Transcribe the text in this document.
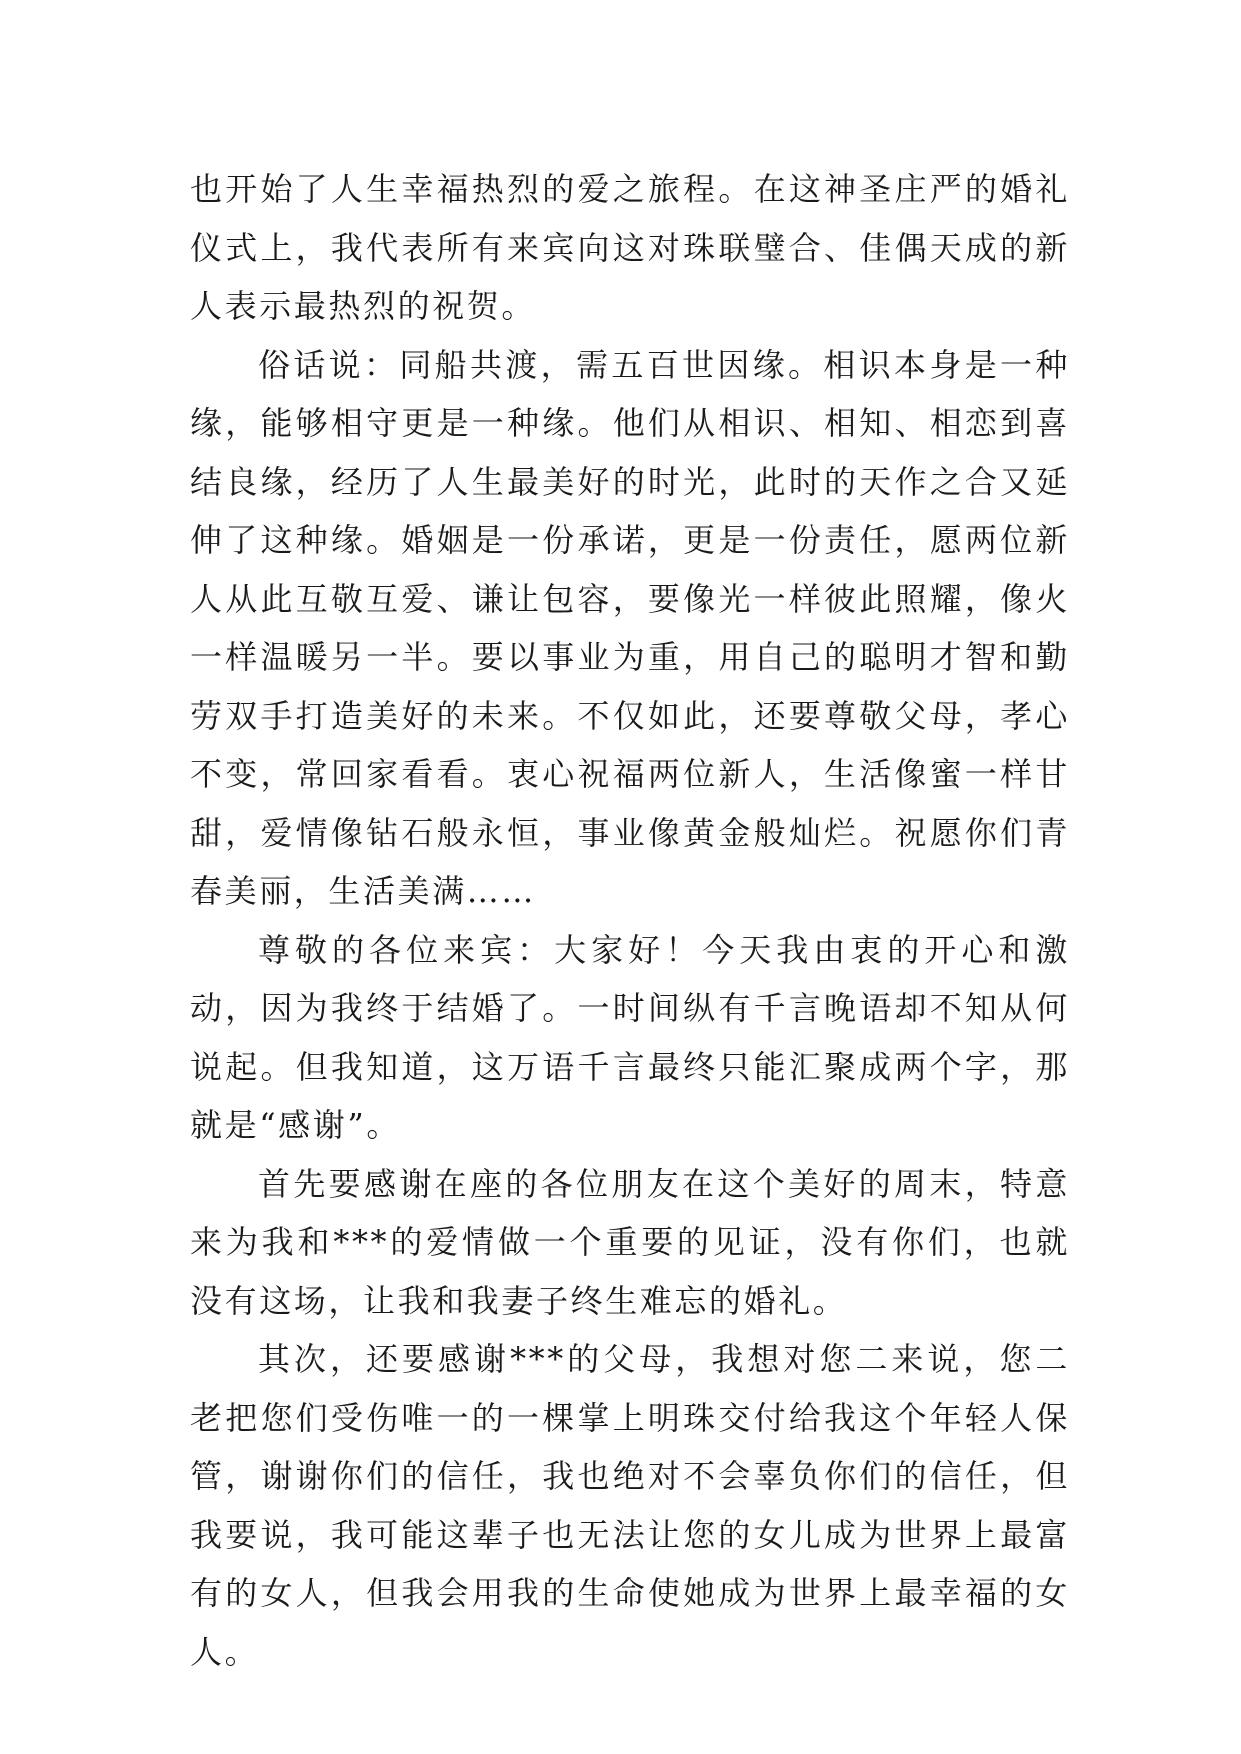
也开始了人生幸福热烈的爱之旅程。在这神圣庄严的婚礼仪式上，我代表所有来宾向这对珠联璧合、佳偶天成的新人表示最热烈的祝贺。

俗话说：同船共渡，需五百世因缘。相识本身是一种缘，能够相守更是一种缘。他们从相识、相知、相恋到喜结良缘，经历了人生最美好的时光，此时的天作之合又延伸了这种缘。婚姻是一份承诺，更是一份责任，愿两位新人从此互敬互爱、谦让包容，要像光一样彼此照耀，像火一样温暖另一半。要以事业为重，用自己的聪明才智和勤劳双手打造美好的未来。不仅如此，还要尊敬父母，孝心不变，常回家看看。衷心祝福两位新人，生活像蜜一样甘甜，爱情像钻石般永恒，事业像黄金般灿烂。祝愿你们青春美丽，生活美满……

尊敬的各位来宾：大家好！今天我由衷的开心和激动，因为我终于结婚了。一时间纵有千言晚语却不知从何说起。但我知道，这万语千言最终只能汇聚成两个字，那就是“感谢”。

首先要感谢在座的各位朋友在这个美好的周末，特意来为我和***的爱情做一个重要的见证，没有你们，也就没有这场，让我和我妻子终生难忘的婚礼。

其次，还要感谢***的父母，我想对您二来说，您二老把您们受伤唯一的一棵掌上明珠交付给我这个年轻人保管，谢谢你们的信任，我也绝对不会辜负你们的信任，但我要说，我可能这辈子也无法让您的女儿成为世界上最富有的女人，但我会用我的生命使她成为世界上最幸福的女人。
